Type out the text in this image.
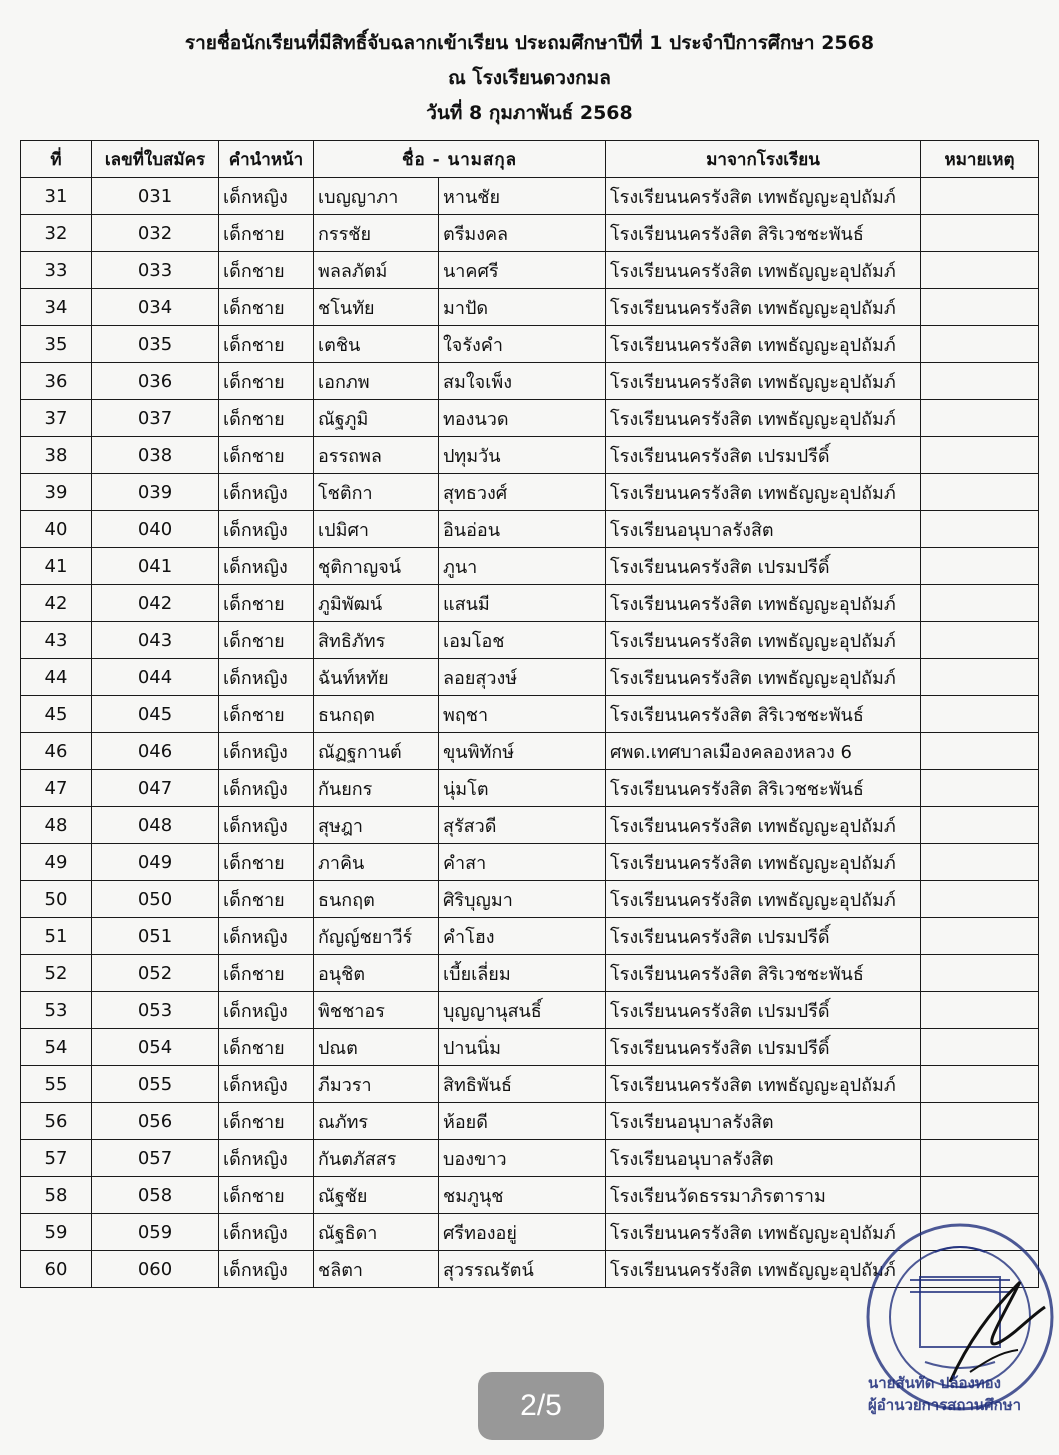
รายชื่อนักเรียนที่มีสิทธิ์จับฉลากเข้าเรียน ประถมศึกษาปีที่ 1 ประจำปีการศึกษา 2568
ณ โรงเรียนดวงกมล
วันที่ 8 กุมภาพันธ์ 2568
ที่	เลขที่ใบสมัคร	คำนำหน้า	ชื่อ - นามสกุล		มาจากโรงเรียน	หมายเหตุ
31	031	เด็กหญิง	เบญญาภา	หานชัย	โรงเรียนนครรังสิต เทพธัญญะอุปถัมภ์	
32	032	เด็กชาย	กรรชัย	ตรีมงคล	โรงเรียนนครรังสิต สิริเวชชะพันธ์	
33	033	เด็กชาย	พลลภัตม์	นาคศรี	โรงเรียนนครรังสิต เทพธัญญะอุปถัมภ์	
34	034	เด็กชาย	ชโนทัย	มาปัด	โรงเรียนนครรังสิต เทพธัญญะอุปถัมภ์	
35	035	เด็กชาย	เตชิน	ใจรังคำ	โรงเรียนนครรังสิต เทพธัญญะอุปถัมภ์	
36	036	เด็กชาย	เอกภพ	สมใจเพ็ง	โรงเรียนนครรังสิต เทพธัญญะอุปถัมภ์	
37	037	เด็กชาย	ณัฐภูมิ	ทองนวด	โรงเรียนนครรังสิต เทพธัญญะอุปถัมภ์	
38	038	เด็กชาย	อรรถพล	ปทุมวัน	โรงเรียนนครรังสิต เปรมปรีดิ์	
39	039	เด็กหญิง	โชติกา	สุทธวงศ์	โรงเรียนนครรังสิต เทพธัญญะอุปถัมภ์	
40	040	เด็กหญิง	เปมิศา	อินอ่อน	โรงเรียนอนุบาลรังสิต	
41	041	เด็กหญิง	ชุติกาญจน์	ภูนา	โรงเรียนนครรังสิต เปรมปรีดิ์	
42	042	เด็กชาย	ภูมิพัฒน์	แสนมี	โรงเรียนนครรังสิต เทพธัญญะอุปถัมภ์	
43	043	เด็กชาย	สิทธิภัทร	เอมโอช	โรงเรียนนครรังสิต เทพธัญญะอุปถัมภ์	
44	044	เด็กหญิง	ฉันท์หทัย	ลอยสุวงษ์	โรงเรียนนครรังสิต เทพธัญญะอุปถัมภ์	
45	045	เด็กชาย	ธนกฤต	พฤชา	โรงเรียนนครรังสิต สิริเวชชะพันธ์	
46	046	เด็กหญิง	ณัฏฐกานต์	ขุนพิทักษ์	ศพด.เทศบาลเมืองคลองหลวง 6	
47	047	เด็กหญิง	กันยกร	นุ่มโต	โรงเรียนนครรังสิต สิริเวชชะพันธ์	
48	048	เด็กหญิง	สุษฎา	สุรัสวดี	โรงเรียนนครรังสิต เทพธัญญะอุปถัมภ์	
49	049	เด็กชาย	ภาคิน	คำสา	โรงเรียนนครรังสิต เทพธัญญะอุปถัมภ์	
50	050	เด็กชาย	ธนกฤต	ศิริบุญมา	โรงเรียนนครรังสิต เทพธัญญะอุปถัมภ์	
51	051	เด็กหญิง	กัญญ์ชยาวีร์	คำโฮง	โรงเรียนนครรังสิต เปรมปรีดิ์	
52	052	เด็กชาย	อนุชิต	เบี้ยเลี่ยม	โรงเรียนนครรังสิต สิริเวชชะพันธ์	
53	053	เด็กหญิง	พิชชาอร	บุญญานุสนธิ์	โรงเรียนนครรังสิต เปรมปรีดิ์	
54	054	เด็กชาย	ปณต	ปานนิ่ม	โรงเรียนนครรังสิต เปรมปรีดิ์	
55	055	เด็กหญิง	ภีมวรา	สิทธิพันธ์	โรงเรียนนครรังสิต เทพธัญญะอุปถัมภ์	
56	056	เด็กชาย	ณภัทร	ห้อยดี	โรงเรียนอนุบาลรังสิต	
57	057	เด็กหญิง	กันตภัสสร	บองขาว	โรงเรียนอนุบาลรังสิต	
58	058	เด็กชาย	ณัฐชัย	ชมภูนุช	โรงเรียนวัดธรรมาภิรตาราม	
59	059	เด็กหญิง	ณัฐธิดา	ศรีทองอยู่	โรงเรียนนครรังสิต เทพธัญญะอุปถัมภ์	
60	060	เด็กหญิง	ชลิตา	สุวรรณรัตน์	โรงเรียนนครรังสิต เทพธัญญะอุปถัมภ์	
นายสันทัด ปล้องทอง
ผู้อำนวยการสถานศึกษา
2/5
